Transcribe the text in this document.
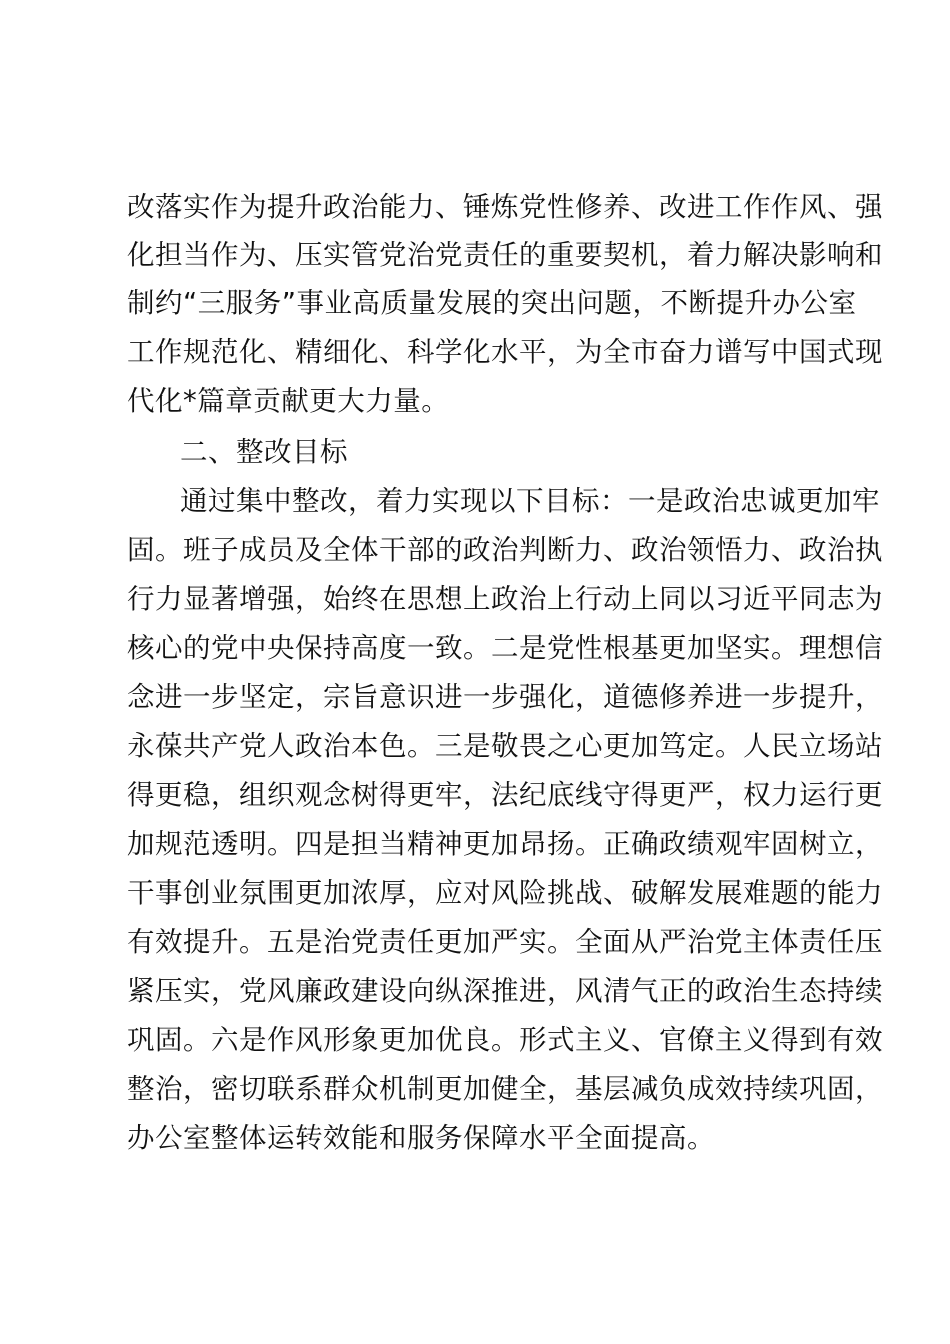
改落实作为提升政治能力、锤炼党性修养、改进工作作风、强
化担当作为、压实管党治党责任的重要契机，着力解决影响和
制约“三服务”事业高质量发展的突出问题，不断提升办公室
工作规范化、精细化、科学化水平，为全市奋力谱写中国式现
代化*篇章贡献更大力量。
二、整改目标
通过集中整改，着力实现以下目标：一是政治忠诚更加牢
固。班子成员及全体干部的政治判断力、政治领悟力、政治执
行力显著增强，始终在思想上政治上行动上同以习近平同志为
核心的党中央保持高度一致。二是党性根基更加坚实。理想信
念进一步坚定，宗旨意识进一步强化，道德修养进一步提升，
永葆共产党人政治本色。三是敬畏之心更加笃定。人民立场站
得更稳，组织观念树得更牢，法纪底线守得更严，权力运行更
加规范透明。四是担当精神更加昂扬。正确政绩观牢固树立，
干事创业氛围更加浓厚，应对风险挑战、破解发展难题的能力
有效提升。五是治党责任更加严实。全面从严治党主体责任压
紧压实，党风廉政建设向纵深推进，风清气正的政治生态持续
巩固。六是作风形象更加优良。形式主义、官僚主义得到有效
整治，密切联系群众机制更加健全，基层减负成效持续巩固，
办公室整体运转效能和服务保障水平全面提高。
